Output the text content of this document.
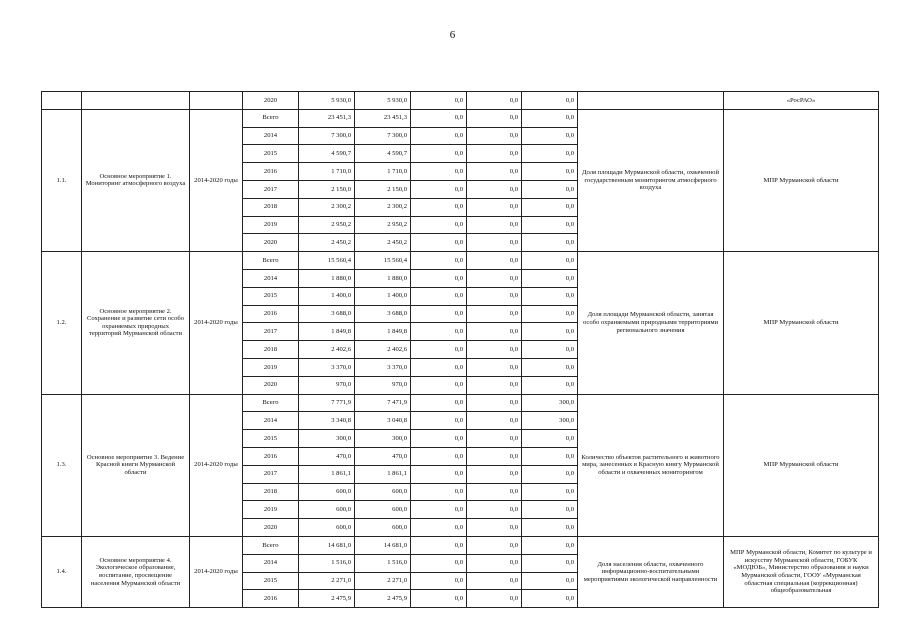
6
			2020	5 930,0	5 930,0	0,0	0,0	0,0		«РосРАО»
1.1.	Основное мероприятие 1. Мониторинг атмосферного воздуха	2014-2020 годы	Всего	23 451,3	23 451,3	0,0	0,0	0,0	Доля площади Мурманской области, охваченной государственным мониторингом атмосферного воздуха	МПР Мурманской области
			2014	7 300,0	7 300,0	0,0	0,0	0,0		
			2015	4 590,7	4 590,7	0,0	0,0	0,0		
			2016	1 710,0	1 710,0	0,0	0,0	0,0		
			2017	2 150,0	2 150,0	0,0	0,0	0,0		
			2018	2 300,2	2 300,2	0,0	0,0	0,0		
			2019	2 950,2	2 950,2	0,0	0,0	0,0		
			2020	2 450,2	2 450,2	0,0	0,0	0,0		
1.2.	Основное мероприятие 2. Сохранение и развитие сети особо охраняемых природных территорий Мурманской области	2014-2020 годы	Всего	15 560,4	15 560,4	0,0	0,0	0,0	Доля площади Мурманской области, занятая особо охраняемыми природными территориями регионального значения	МПР Мурманской области
			2014	1 880,0	1 880,0	0,0	0,0	0,0		
			2015	1 400,0	1 400,0	0,0	0,0	0,0		
			2016	3 688,0	3 688,0	0,0	0,0	0,0		
			2017	1 849,8	1 849,8	0,0	0,0	0,0		
			2018	2 402,6	2 402,6	0,0	0,0	0,0		
			2019	3 370,0	3 370,0	0,0	0,0	0,0		
			2020	970,0	970,0	0,0	0,0	0,0		
1.3.	Основное мероприятие 3. Ведение Красной книги Мурманской области	2014-2020 годы	Всего	7 771,9	7 471,9	0,0	0,0	300,0	Количество объектов растительного и животного мира, занесенных в Красную книгу Мурманской области и охваченных мониторингом	МПР Мурманской области
			2014	3 340,8	3 040,8	0,0	0,0	300,0		
			2015	300,0	300,0	0,0	0,0	0,0		
			2016	470,0	470,0	0,0	0,0	0,0		
			2017	1 861,1	1 861,1	0,0	0,0	0,0		
			2018	600,0	600,0	0,0	0,0	0,0		
			2019	600,0	600,0	0,0	0,0	0,0		
			2020	600,0	600,0	0,0	0,0	0,0		
1.4.	Основное мероприятие 4. Экологическое образование, воспитание, просвещение населения Мурманской области	2014-2020 годы	Всего	14 681,0	14 681,0	0,0	0,0	0,0	Доля населения области, охваченного информационно-воспитательными мероприятиями экологической направленности	МПР Мурманской области, Комитет по культуре и искусству Мурманской области, ГОБУК «МОДЮБ», Министерство образования и науки Мурманской области, ГООУ «Мурманская областная специальная (коррекционная) общеобразовательная
			2014	1 516,0	1 516,0	0,0	0,0	0,0		
			2015	2 271,0	2 271,0	0,0	0,0	0,0		
			2016	2 475,9	2 475,9	0,0	0,0	0,0		
